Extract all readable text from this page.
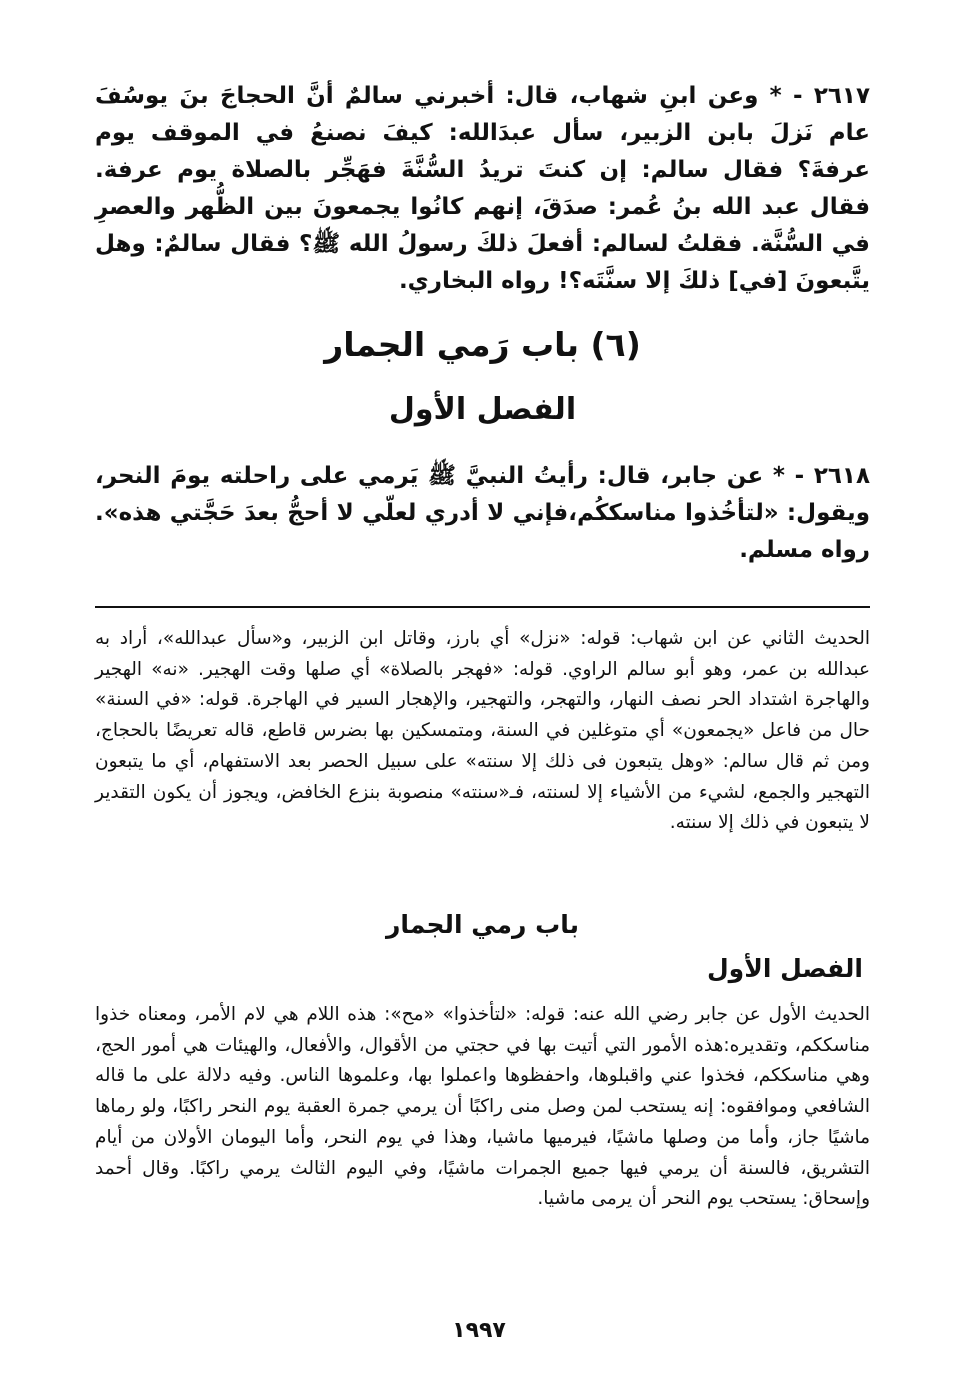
٢٦١٧ - * وعن ابنِ شهاب، قال: أخبرني سالمٌ أنَّ الحجاجَ بنَ يوسُفَ عام نَزلَ بابن الزبير، سأل عبدَالله: كيفَ نصنعُ في الموقف يوم عرفةَ؟ فقال سالم: إن كنتَ تريدُ السُّنَّةَ فهَجِّر بالصلاة يوم عرفة. فقال عبد الله بنُ عُمر: صدَقَ، إنهم كانُوا يجمعونَ بين الظُّهر والعصرِ في السُّنَّة. فقلتُ لسالم: أفعلَ ذلكَ رسولُ الله ﷺ؟ فقال سالمٌ: وهل يتَّبعونَ [في] ذلكَ إلا سنَّتَه؟! رواه البخاري.
(٦) باب رَمي الجمار
الفصل الأول
٢٦١٨ - * عن جابر، قال: رأيتُ النبيَّ ﷺ يَرمي على راحلته يومَ النحر، ويقول: «لتأخُذوا مناسككُم،فإني لا أدري لعلّي لا أحجُّ بعدَ حَجَّتي هذه». رواه مسلم.
الحديث الثاني عن ابن شهاب: قوله: «نزل» أي بارز، وقاتل ابن الزبير، و«سأل عبدالله»، أراد به عبدالله بن عمر، وهو أبو سالم الراوي. قوله: «فهجر بالصلاة» أي صلها وقت الهجير. «نه» الهجير والهاجرة اشتداد الحر نصف النهار، والتهجر، والتهجير، والإهجار السير في الهاجرة. قوله: «في السنة» حال من فاعل «يجمعون» أي متوغلين في السنة، ومتمسكين بها بضرس قاطع، قاله تعريضًا بالحجاج، ومن ثم قال سالم: «وهل يتبعون فى ذلك إلا سنته» على سبيل الحصر بعد الاستفهام، أي ما يتبعون التهجير والجمع، لشيء من الأشياء إلا لسنته، فـ«سنته» منصوبة بنزع الخافض، ويجوز أن يكون التقدير لا يتبعون في ذلك إلا سنته.
باب رمي الجمار
الفصل الأول
الحديث الأول عن جابر رضي الله عنه: قوله: «لتأخذوا» «مح»: هذه اللام هي لام الأمر، ومعناه خذوا مناسككم، وتقديره:هذه الأمور التي أتيت بها في حجتي من الأقوال، والأفعال، والهيئات هي أمور الحج، وهي مناسككم، فخذوا عني واقبلوها، واحفظوها واعملوا بها، وعلموها الناس. وفيه دلالة على ما قاله الشافعي وموافقوه: إنه يستحب لمن وصل منى راكبًا أن يرمي جمرة العقبة يوم النحر راكبًا، ولو رماها ماشيًا جاز، وأما من وصلها ماشيًا، فيرميها ماشيا، وهذا في يوم النحر، وأما اليومان الأولان من أيام التشريق، فالسنة أن يرمي فيها جميع الجمرات ماشيًا، وفي اليوم الثالث يرمي راكبًا. وقال أحمد وإسحاق: يستحب يوم النحر أن يرمى ماشيا.
١٩٩٧
